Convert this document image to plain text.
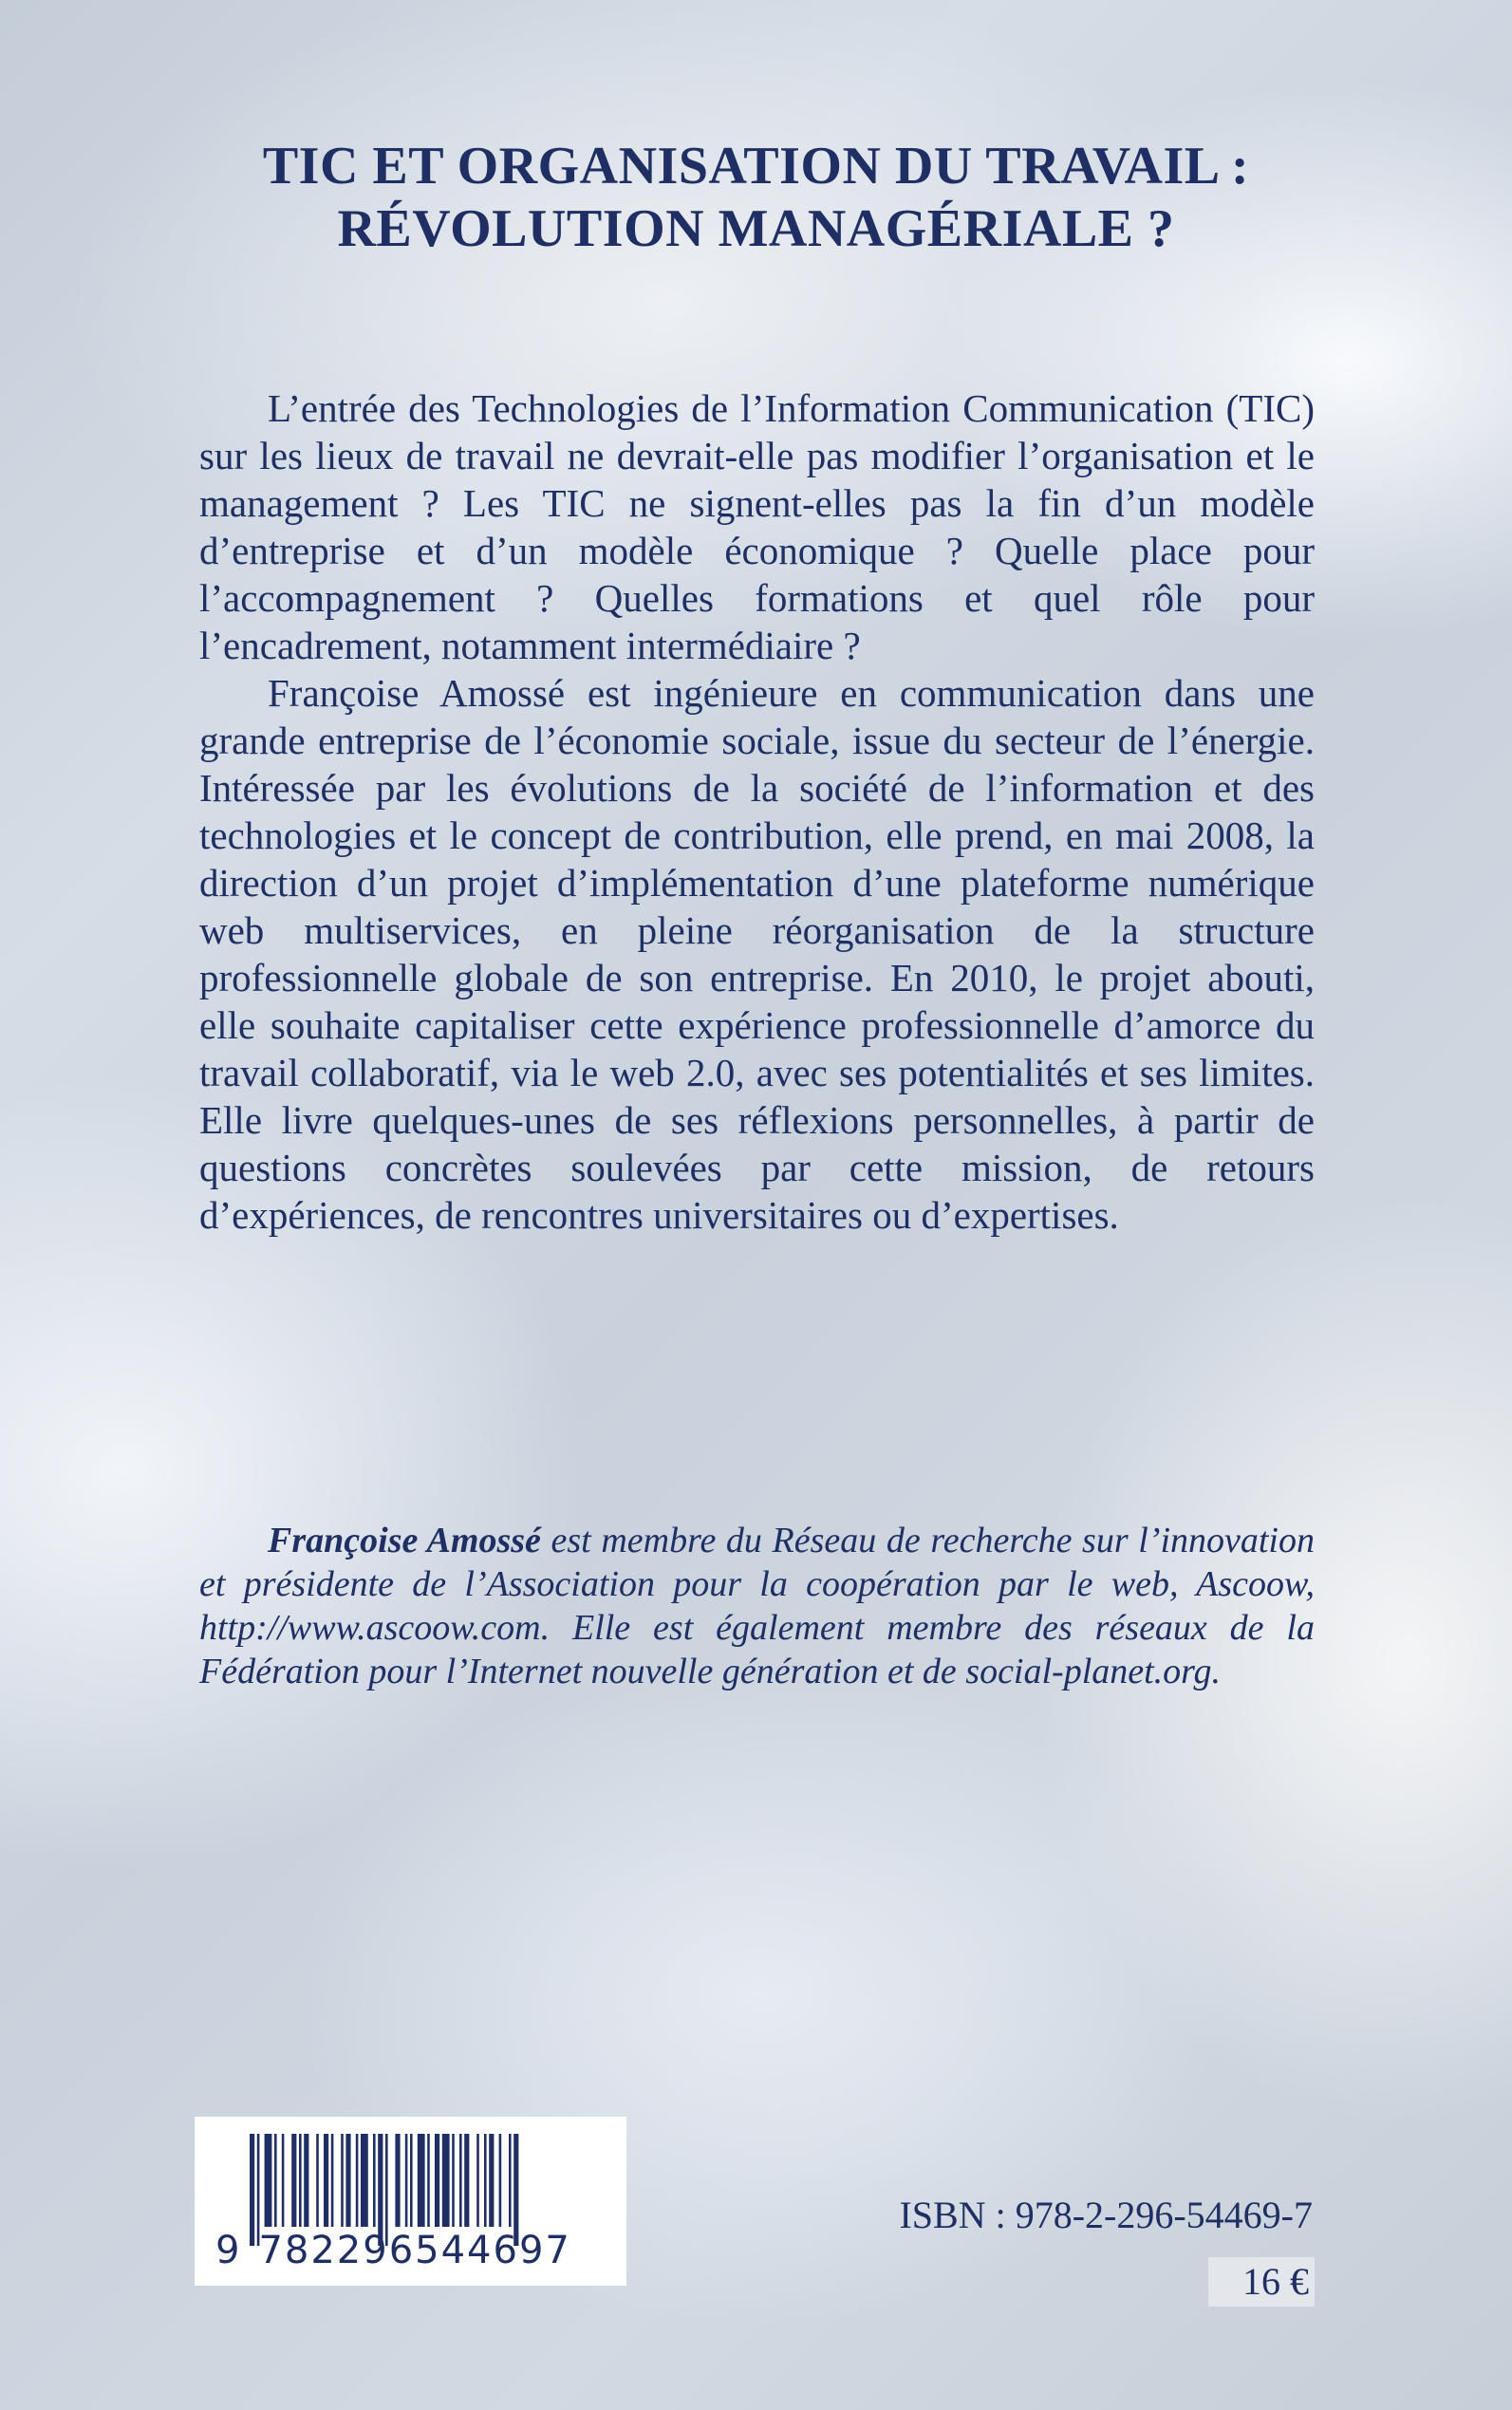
TIC ET ORGANISATION DU TRAVAIL :
RÉVOLUTION MANAGÉRIALE ?

L’entrée des Technologies de l’Information Communication (TIC) sur les lieux de travail ne devrait-elle pas modifier l’organisation et le management ? Les TIC ne signent-elles pas la fin d’un modèle d’entreprise et d’un modèle économique ? Quelle place pour l’accompagnement ? Quelles formations et quel rôle pour l’encadrement, notamment intermédiaire ?

Françoise Amossé est ingénieure en communication dans une grande entreprise de l’économie sociale, issue du secteur de l’énergie. Intéressée par les évolutions de la société de l’information et des technologies et le concept de contribution, elle prend, en mai 2008, la direction d’un projet d’implémentation d’une plateforme numérique web multiservices, en pleine réorganisation de la structure professionnelle globale de son entreprise. En 2010, le projet abouti, elle souhaite capitaliser cette expérience professionnelle d’amorce du travail collaboratif, via le web 2.0, avec ses potentialités et ses limites. Elle livre quelques-unes de ses réflexions personnelles, à partir de questions concrètes soulevées par cette mission, de retours d’expériences, de rencontres universitaires ou d’expertises.

Françoise Amossé est membre du Réseau de recherche sur l’innovation et présidente de l’Association pour la coopération par le web, Ascoow, http://www.ascoow.com. Elle est également membre des réseaux de la Fédération pour l’Internet nouvelle génération et de social-planet.org.

9 782296544697
ISBN : 978-2-296-54469-7
16 €
